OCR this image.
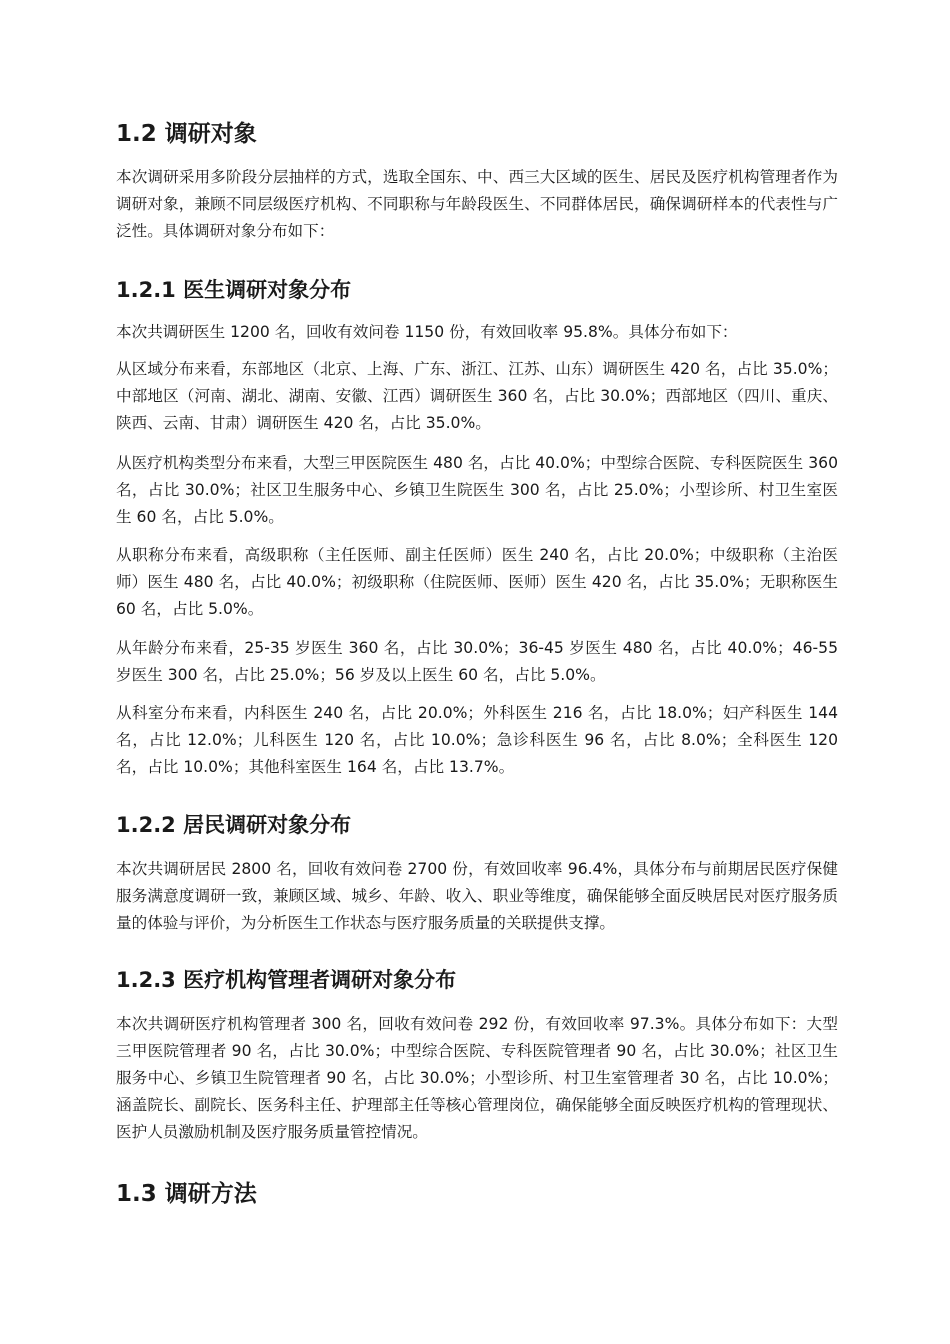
1.2 调研对象

本次调研采用多阶段分层抽样的方式，选取全国东、中、西三大区域的医生、居民及医疗机构管理者作为调研对象，兼顾不同层级医疗机构、不同职称与年龄段医生、不同群体居民，确保调研样本的代表性与广泛性。具体调研对象分布如下：

1.2.1 医生调研对象分布

本次共调研医生 1200 名，回收有效问卷 1150 份，有效回收率 95.8%。具体分布如下：

从区域分布来看，东部地区（北京、上海、广东、浙江、江苏、山东）调研医生 420 名，占比 35.0%；中部地区（河南、湖北、湖南、安徽、江西）调研医生 360 名，占比 30.0%；西部地区（四川、重庆、陕西、云南、甘肃）调研医生 420 名，占比 35.0%。

从医疗机构类型分布来看，大型三甲医院医生 480 名，占比 40.0%；中型综合医院、专科医院医生 360 名，占比 30.0%；社区卫生服务中心、乡镇卫生院医生 300 名，占比 25.0%；小型诊所、村卫生室医生 60 名，占比 5.0%。

从职称分布来看，高级职称（主任医师、副主任医师）医生 240 名，占比 20.0%；中级职称（主治医师）医生 480 名，占比 40.0%；初级职称（住院医师、医师）医生 420 名，占比 35.0%；无职称医生 60 名，占比 5.0%。

从年龄分布来看，25-35 岁医生 360 名，占比 30.0%；36-45 岁医生 480 名，占比 40.0%；46-55 岁医生 300 名，占比 25.0%；56 岁及以上医生 60 名，占比 5.0%。

从科室分布来看，内科医生 240 名，占比 20.0%；外科医生 216 名，占比 18.0%；妇产科医生 144 名，占比 12.0%；儿科医生 120 名，占比 10.0%；急诊科医生 96 名，占比 8.0%；全科医生 120 名，占比 10.0%；其他科室医生 164 名，占比 13.7%。

1.2.2 居民调研对象分布

本次共调研居民 2800 名，回收有效问卷 2700 份，有效回收率 96.4%，具体分布与前期居民医疗保健服务满意度调研一致，兼顾区域、城乡、年龄、收入、职业等维度，确保能够全面反映居民对医疗服务质量的体验与评价，为分析医生工作状态与医疗服务质量的关联提供支撑。

1.2.3 医疗机构管理者调研对象分布

本次共调研医疗机构管理者 300 名，回收有效问卷 292 份，有效回收率 97.3%。具体分布如下：大型三甲医院管理者 90 名，占比 30.0%；中型综合医院、专科医院管理者 90 名，占比 30.0%；社区卫生服务中心、乡镇卫生院管理者 90 名，占比 30.0%；小型诊所、村卫生室管理者 30 名，占比 10.0%；涵盖院长、副院长、医务科主任、护理部主任等核心管理岗位，确保能够全面反映医疗机构的管理现状、医护人员激励机制及医疗服务质量管控情况。

1.3 调研方法
